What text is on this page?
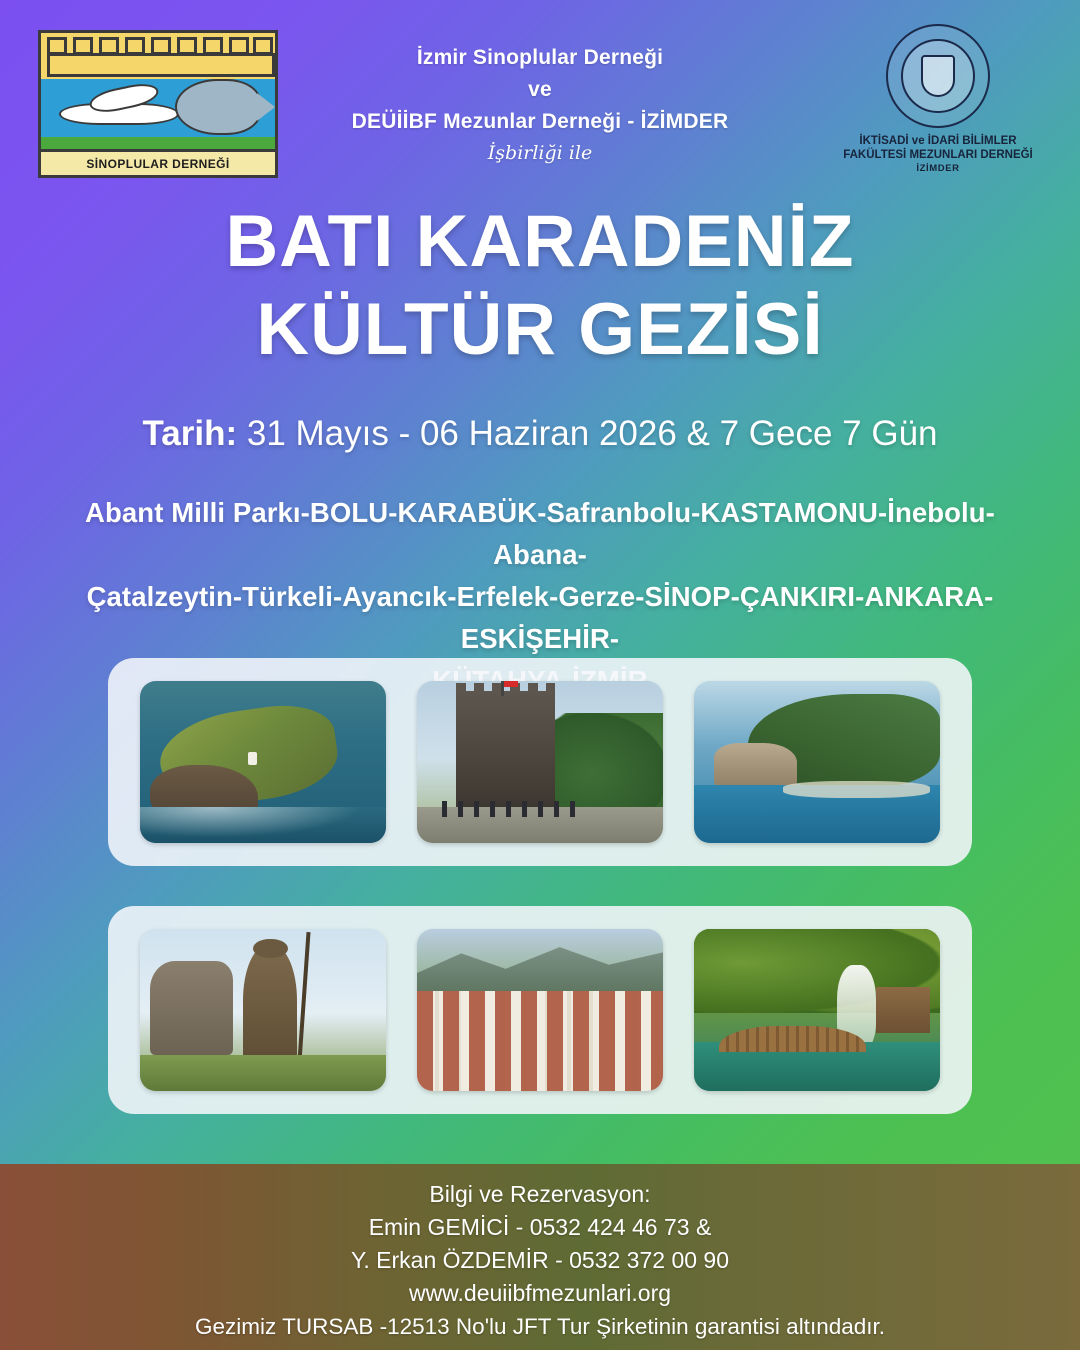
SİNOPLULAR DERNEĞİ
İzmir Sinoplular Derneği
ve
DEÜİİBF Mezunlar Derneği - İZİMDER
İşbirliği ile
İKTİSADİ ve İDARİ BİLİMLER
FAKÜLTESİ MEZUNLARI DERNEĞİ
İZİMDER
BATI KARADENİZ
KÜLTÜR GEZİSİ
Tarih: 31 Mayıs - 06 Haziran 2026 & 7 Gece 7 Gün
Abant Milli Parkı-BOLU-KARABÜK-Safranbolu-KASTAMONU-İnebolu-Abana-
Çatalzeytin-Türkeli-Ayancık-Erfelek-Gerze-SİNOP-ÇANKIRI-ANKARA-ESKİŞEHİR-
Bilgi ve Rezervasyon:
Emin GEMİCİ - 0532 424 46 73 &
Y. Erkan ÖZDEMİR - 0532 372 00 90
www.deuiibfmezunlari.org
Gezimiz TURSAB -12513 No'lu JFT Tur Şirketinin garantisi altındadır.
